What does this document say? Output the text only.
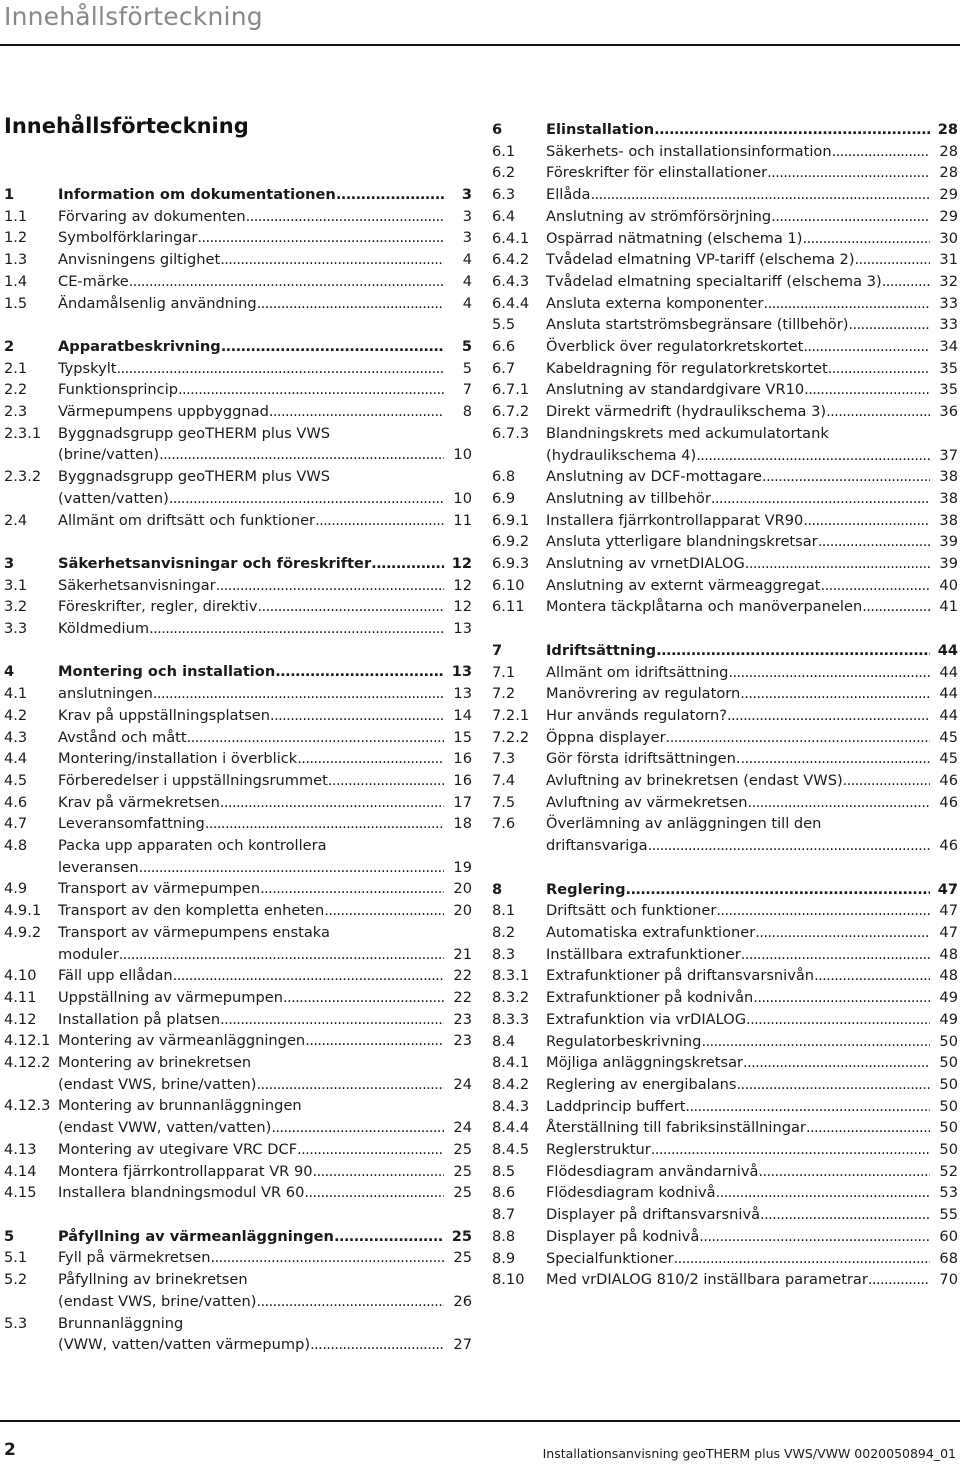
Innehållsförteckning
Innehållsförteckning
1	Information om dokumentationen .....	3
1.1 Förvaring av dokumenten .....	3
1.2 Symbolförklaringar .....	3
1.3 Anvisningens giltighet .....	4
1.4 CE-märke .....	4
1.5 Ändamålsenlig användning .....	4
2	Apparatbeskrivning .....	5
2.1 Typskylt .....	5
2.2 Funktionsprincip .....	7
2.3 Värmepumpens uppbyggnad .....	8
2.3.1 Byggnadsgrupp geoTHERM plus VWS
(brine/vatten) .....	10
2.3.2 Byggnadsgrupp geoTHERM plus VWS
(vatten/vatten) .....	10
2.4 Allmänt om driftsätt och funktioner .....	11
3	Säkerhetsanvisningar och föreskrifter .....	12
3.1 Säkerhetsanvisningar .....	12
3.2 Föreskrifter, regler, direktiv .....	12
3.3 Köldmedium .....	13
4	Montering och installation .....	13
4.1 anslutningen .....	13
4.2 Krav på uppställningsplatsen .....	14
4.3 Avstånd och mått .....	15
4.4 Montering/installation i överblick .....	16
4.5 Förberedelser i uppställningsrummet .....	16
4.6 Krav på värmekretsen .....	17
4.7 Leveransomfattning .....	18
4.8 Packa upp apparaten och kontrollera
leveransen .....	19
4.9 Transport av värmepumpen .....	20
4.9.1 Transport av den kompletta enheten .....	20
4.9.2 Transport av värmepumpens enstaka
moduler .....	21
4.10 Fäll upp ellådan .....	22
4.11 Uppställning av värmepumpen .....	22
4.12 Installation på platsen .....	23
4.12.1 Montering av värmeanläggningen .....	23
4.12.2 Montering av brinekretsen
(endast VWS, brine/vatten) .....	24
4.12.3 Montering av brunnanläggningen
(endast VWW, vatten/vatten) .....	24
4.13 Montering av utegivare VRC DCF .....	25
4.14 Montera fjärrkontrollapparat VR 90 .....	25
4.15 Installera blandningsmodul VR 60 .....	25
5	Påfyllning av värmeanläggningen .....	25
5.1 Fyll på värmekretsen .....	25
5.2 Påfyllning av brinekretsen
(endast VWS, brine/vatten) .....	26
5.3 Brunnanläggning
(VWW, vatten/vatten värmepump) .....	27
6	Elinstallation .....	28
6.1 Säkerhets- och installationsinformation .....	28
6.2 Föreskrifter för elinstallationer .....	28
6.3 Ellåda .....	29
6.4 Anslutning av strömförsörjning .....	29
6.4.1 Ospärrad nätmatning (elschema 1) .....	30
6.4.2 Tvådelad elmatning VP-tariff (elschema 2) .....	31
6.4.3 Tvådelad elmatning specialtariff (elschema 3) .....	32
6.4.4 Ansluta externa komponenter .....	33
5.5 Ansluta startströmsbegränsare (tillbehör) .....	33
6.6 Överblick över regulatorkretskortet .....	34
6.7 Kabeldragning för regulatorkretskortet .....	35
6.7.1 Anslutning av standardgivare VR10 .....	35
6.7.2 Direkt värmedrift (hydraulikschema 3) .....	36
6.7.3 Blandningskrets med ackumulatortank
(hydraulikschema 4) .....	37
6.8 Anslutning av DCF-mottagare .....	38
6.9 Anslutning av tillbehör .....	38
6.9.1 Installera fjärrkontrollapparat VR90 .....	38
6.9.2 Ansluta ytterligare blandningskretsar .....	39
6.9.3 Anslutning av vrnetDIALOG .....	39
6.10 Anslutning av externt värmeaggregat .....	40
6.11 Montera täckplåtarna och manöverpanelen .....	41
7	Idriftsättning .....	44
7.1 Allmänt om idriftsättning .....	44
7.2 Manövrering av regulatorn .....	44
7.2.1 Hur används regulatorn? .....	44
7.2.2 Öppna displayer .....	45
7.3 Gör första idriftsättningen. .....	45
7.4 Avluftning av brinekretsen (endast VWS) .....	46
7.5 Avluftning av värmekretsen .....	46
7.6 Överlämning av anläggningen till den
driftansvariga .....	46
8	Reglering .....	47
8.1 Driftsätt och funktioner .....	47
8.2 Automatiska extrafunktioner .....	47
8.3 Inställbara extrafunktioner .....	48
8.3.1 Extrafunktioner på driftansvarsnivån .....	48
8.3.2 Extrafunktioner på kodnivån .....	49
8.3.3 Extrafunktion via vrDIALOG .....	49
8.4 Regulatorbeskrivning .....	50
8.4.1 Möjliga anläggningskretsar .....	50
8.4.2 Reglering av energibalans .....	50
8.4.3 Laddprincip buffert .....	50
8.4.4 Återställning till fabriksinställningar .....	50
8.4.5 Reglerstruktur .....	50
8.5 Flödesdiagram användarnivå .....	52
8.6 Flödesdiagram kodnivå .....	53
8.7 Displayer på driftansvarsnivå .....	55
8.8 Displayer på kodnivå .....	60
8.9 Specialfunktioner .....	68
8.10 Med vrDIALOG 810/2 inställbara parametrar .....	70
2	Installationsanvisning geoTHERM plus VWS/VWW 0020050894_01
